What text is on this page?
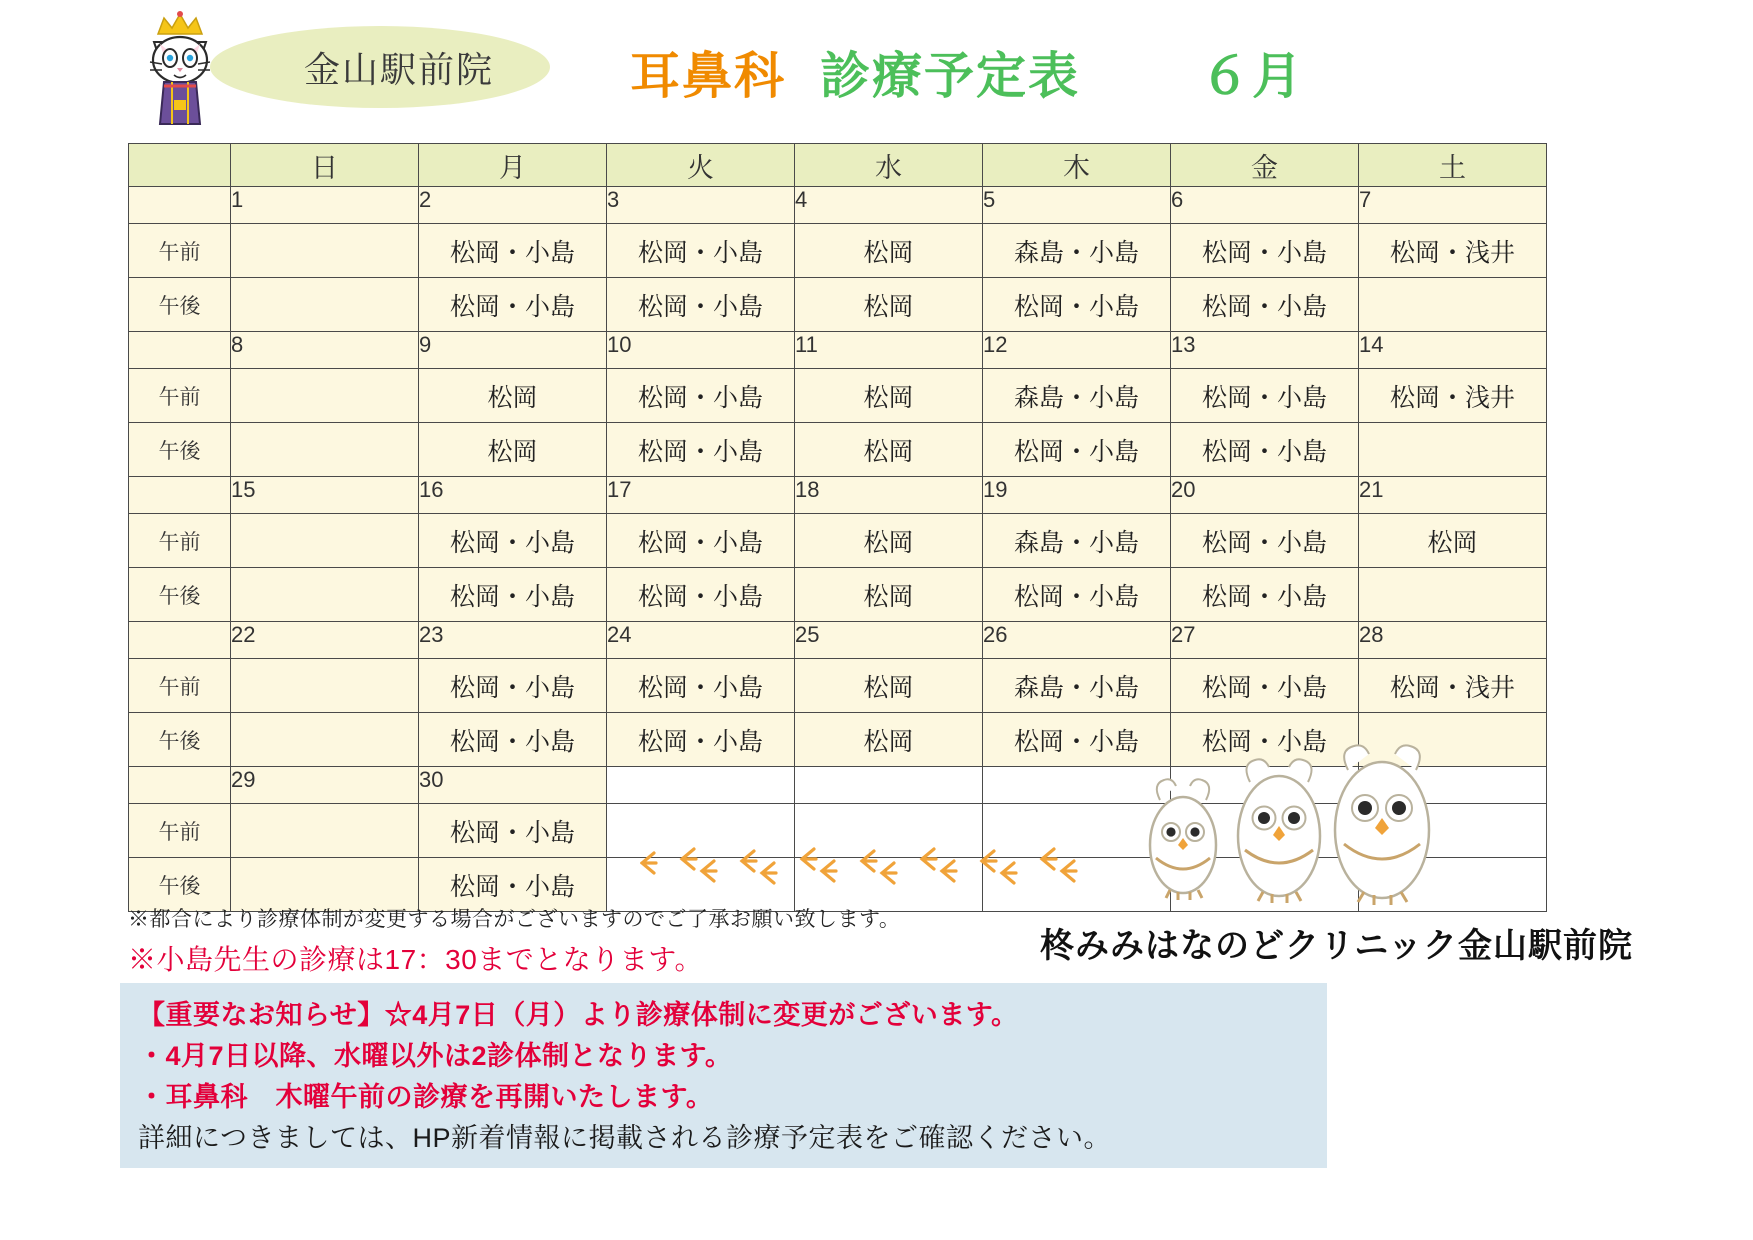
金山駅前院	耳鼻科 診療予定表 ６月
	日	月	火	水	木	金	土
	1	2	3	4	5	6	7
午前		松岡・小島	松岡・小島	松岡	森島・小島	松岡・小島	松岡・浅井
午後		松岡・小島	松岡・小島	松岡	松岡・小島	松岡・小島	
	8	9	10	11	12	13	14
午前		松岡	松岡・小島	松岡	森島・小島	松岡・小島	松岡・浅井
午後		松岡	松岡・小島	松岡	松岡・小島	松岡・小島	
	15	16	17	18	19	20	21
午前		松岡・小島	松岡・小島	松岡	森島・小島	松岡・小島	松岡
午後		松岡・小島	松岡・小島	松岡	松岡・小島	松岡・小島	
	22	23	24	25	26	27	28
午前		松岡・小島	松岡・小島	松岡	森島・小島	松岡・小島	松岡・浅井
午後		松岡・小島	松岡・小島	松岡	松岡・小島	松岡・小島	
	29	30					
午前		松岡・小島					
午後		松岡・小島					
※都合により診療体制が変更する場合がございますのでご了承お願い致します。
※小島先生の診療は17：30までとなります。	柊みみはなのどクリニック金山駅前院
【重要なお知らせ】☆4月7日（月）より診療体制に変更がございます。
・4月7日以降、水曜以外は2診体制となります。
・耳鼻科　木曜午前の診療を再開いたします。
詳細につきましては、HP新着情報に掲載される診療予定表をご確認ください。
